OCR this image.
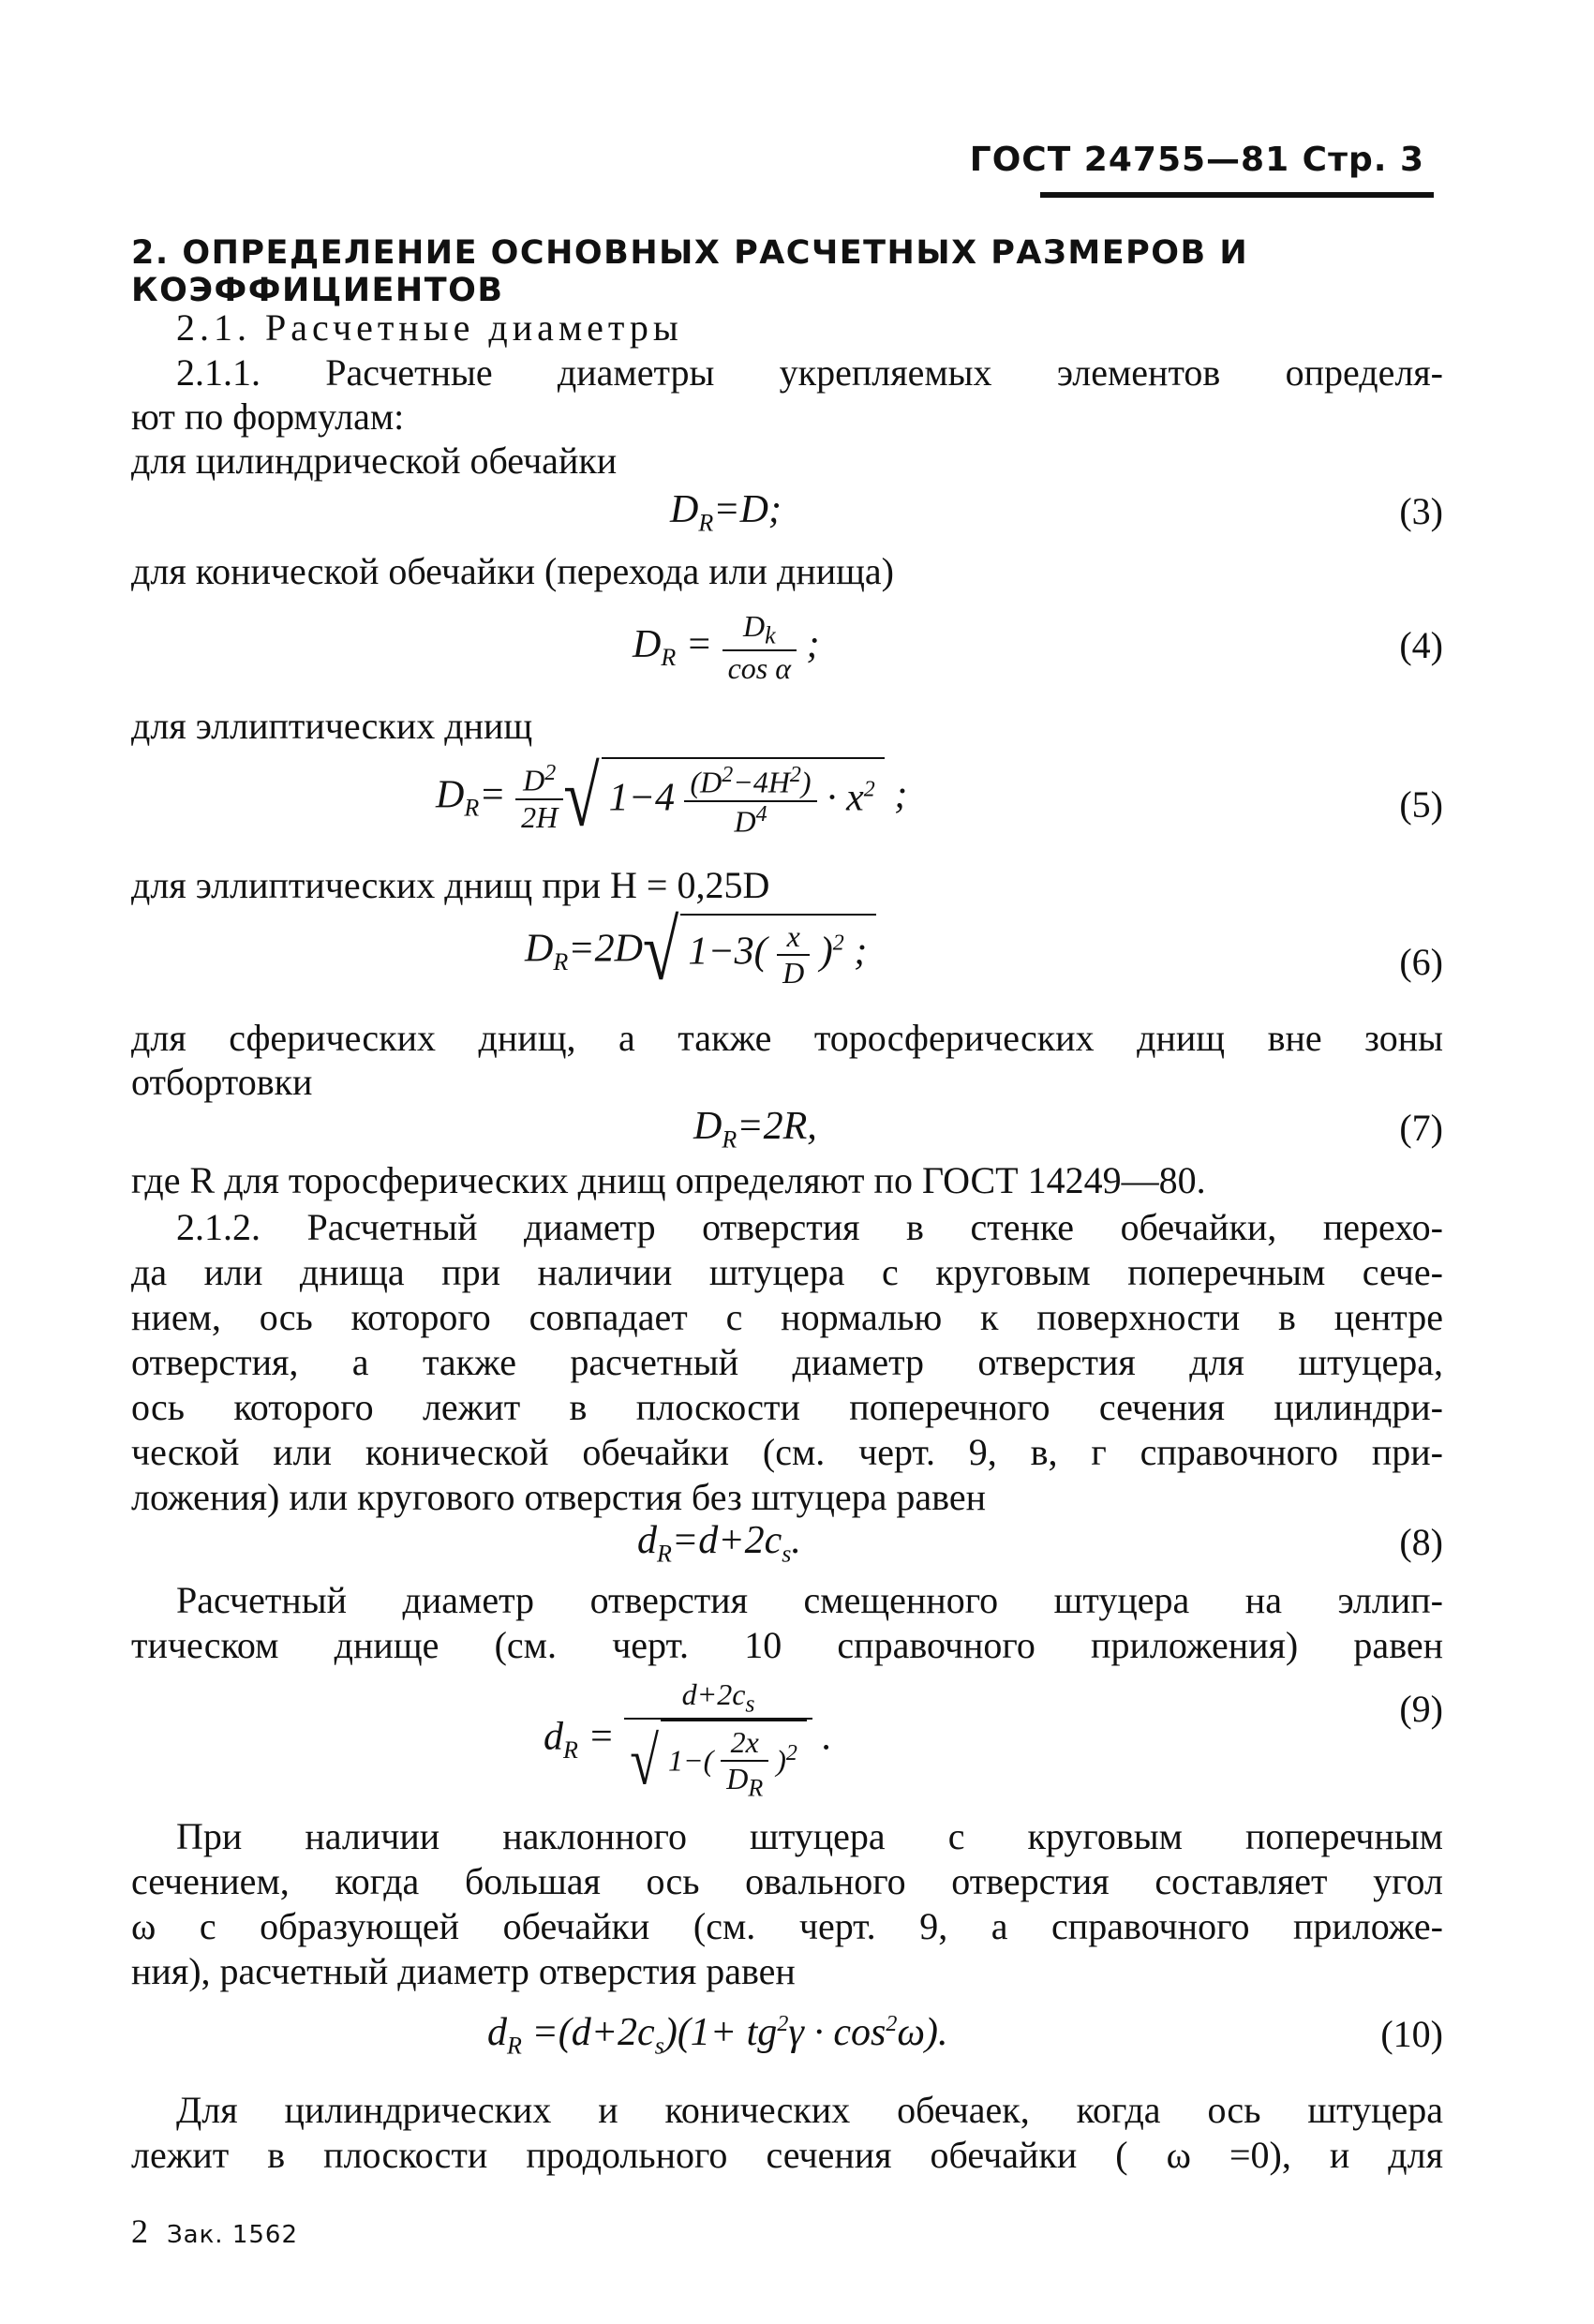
ГОСТ 24755—81 Стр. 3
2. ОПРЕДЕЛЕНИЕ ОСНОВНЫХ РАСЧЕТНЫХ РАЗМЕРОВ И КОЭФФИЦИЕНТОВ
2.1. Расчетные диаметры
2.1.1. Расчетные диаметры укрепляемых элементов определя-
ют по формулам:
для цилиндрической обечайки
$D_R=D$;	(3)
для конической обечайки (перехода или днища)
$D_R = \frac{D_k}{\text{cos α}}$ ;	(4)
для эллиптических днищ
$D_R= \frac{D^2}{2H}$ √ $1-4 \frac{(D^2-4H^2)}{D^4} \cdot x^2$ ;	(5)
для эллиптических днищ при H = 0,25D
$D_R=2D√$ $1-3( \frac{x}{D} )^2$ ;	(6)
для сферических днищ, а также торосферических днищ вне зоны
отбортовки
$D_R=2R$,	(7)
где R для торосферических днищ определяют по ГОСТ 14249—80.
2.1.2. Расчетный диаметр отверстия в стенке обечайки, перехо-
да или днища при наличии штуцера с круговым поперечным сече-
нием, ось которого совпадает с нормалью к поверхности в центре
отверстия, а также расчетный диаметр отверстия для штуцера,
ось которого лежит в плоскости поперечного сечения цилиндри-
ческой или конической обечайки (см. черт. 9, в, г справочного при-
ложения) или кругового отверстия без штуцера равен
$d_R=d+2c_s$.	(8)
Расчетный диаметр отверстия смещенного штуцера на эллип-
тическом днище (см. черт. 10 справочного приложения) равен
$d_R = \frac{d+2c_s}{√ 1-( \frac{2x}{D_R} )^2}$ .
(9)
При наличии наклонного штуцера с круговым поперечным
сечением, когда большая ось овального отверстия составляет угол
ω с образующей обечайки (см. черт. 9, а справочного приложе-
ния), расчетный диаметр отверстия равен
$d_R =(d+2c_s)(1+ tg^2\gamma \cdot \cos^2\omega)$.	(10)
Для цилиндрических и конических обечаек, когда ось штуцера
лежит в плоскости продольного сечения обечайки ( ω =0), и для
2 Зак. 1562
